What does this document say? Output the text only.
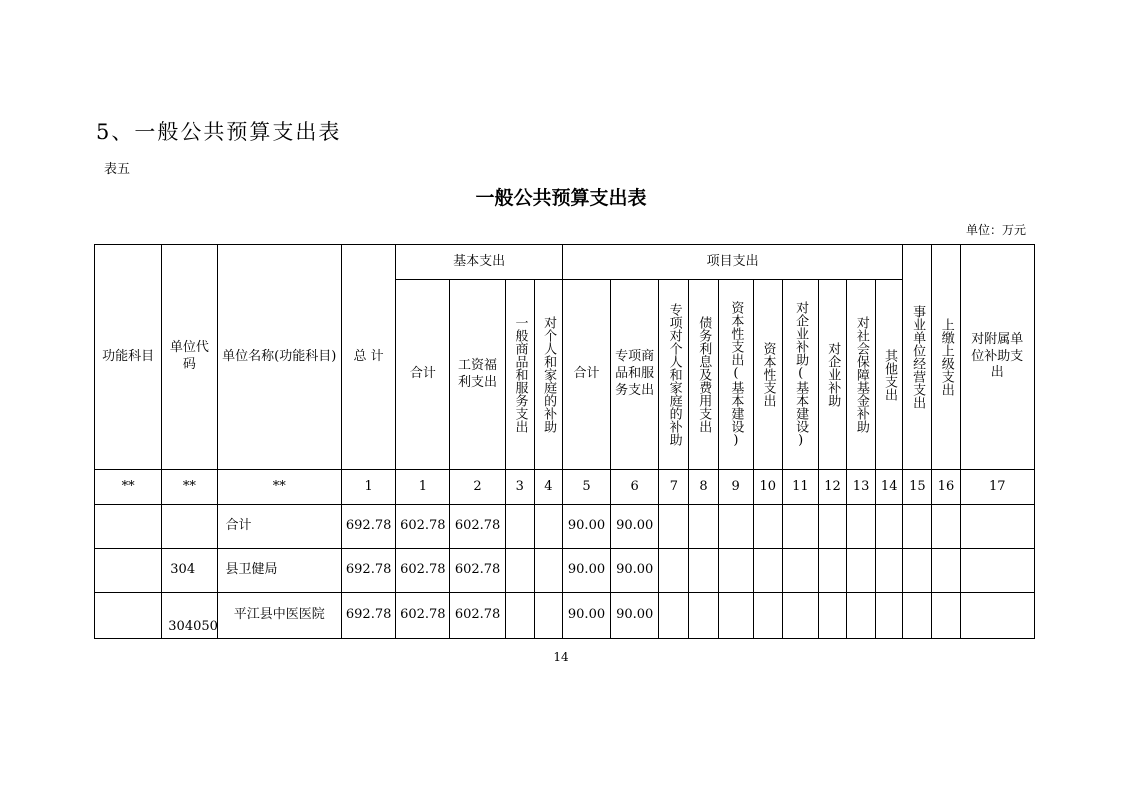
5、一般公共预算支出表
表五
一般公共预算支出表
单位：万元
功能科目	单位代码	单位名称(功能科目)	总 计	基本支出				项目支出										事业单位经营支出	上缴上级支出	对附属单位补助支出
				合计	工资福利支出	一般商品和服务支出	对个人和家庭的补助	合计	专项商品和服务支出	专项对个人和家庭的补助	债务利息及费用支出	资本性支出(基本建设)	资本性支出	对企业补助(基本建设)	对企业补助	对社会保障基金补助	其他支出			

**	**	**	1	1	2	3	4	5	6	7	8	9	10	11	12	13	14	15	16	17
		合计	692.78	602.78	602.78			90.00	90.00											
	304	县卫健局	692.78	602.78	602.78			90.00	90.00											
	304050	平江县中医医院	692.78	602.78	602.78			90.00	90.00											
14
